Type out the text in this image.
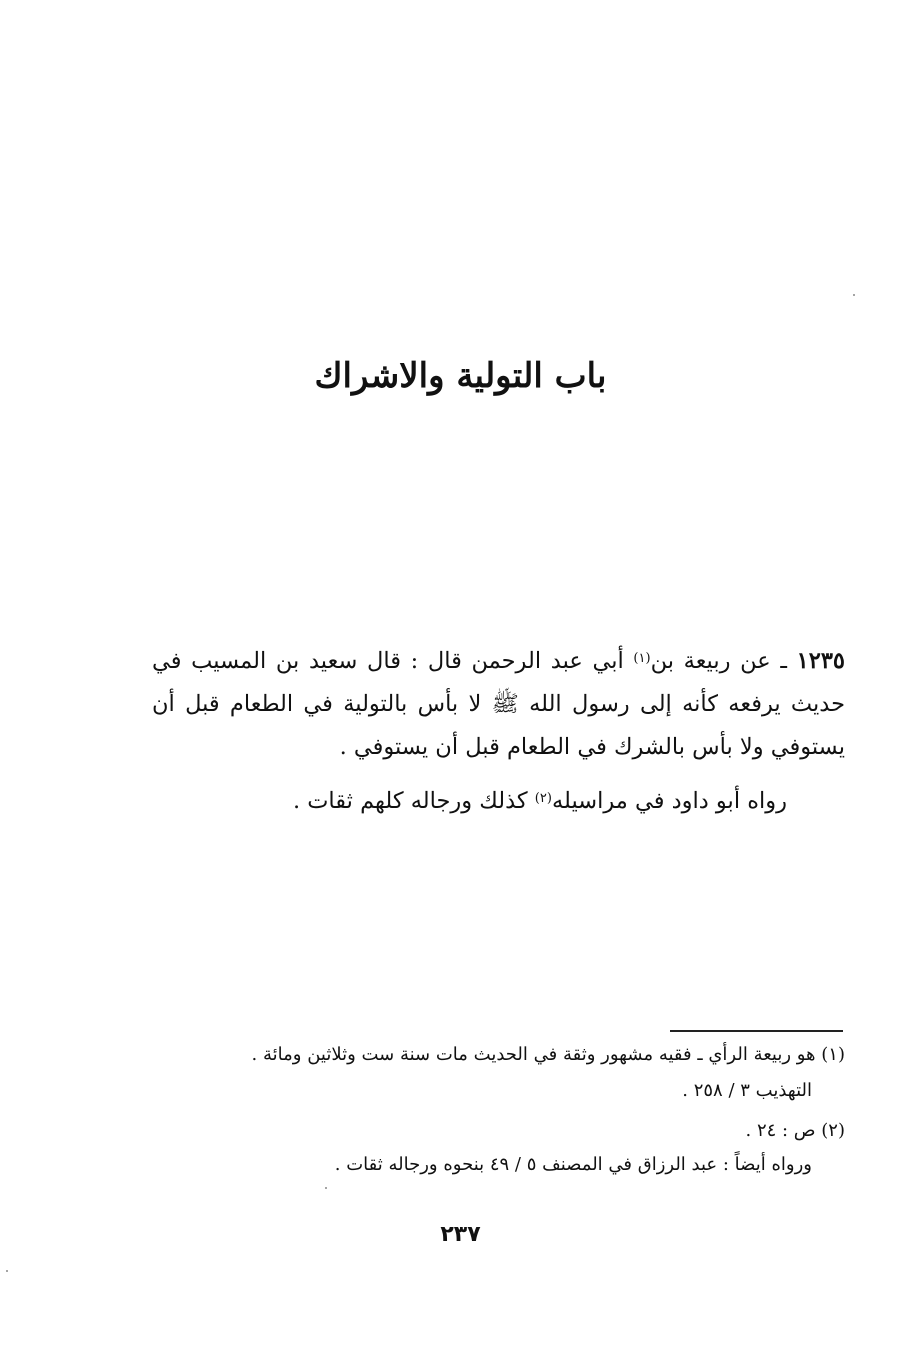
باب التولية والاشراك
١٢٣٥ ـ عن ربيعة بن$^{(١)}$ أبي عبد الرحمن قال : قال سعيد بن المسيب في حديث يرفعه كأنه إلى رسول الله ﷺ لا بأس بالتولية في الطعام قبل أن يستوفي ولا بأس بالشرك في الطعام قبل أن يستوفي .
رواه أبو داود في مراسيله$^{(٢)}$ كذلك ورجاله كلهم ثقات .
(١) هو ربيعة الرأي ـ فقيه مشهور وثقة في الحديث مات سنة ست وثلاثين ومائة .
التهذيب ٣ / ٢٥٨ .
(٢) ص : ٢٤ .
ورواه أيضاً : عبد الرزاق في المصنف ٥ / ٤٩ بنحوه ورجاله ثقات .
٢٣٧
